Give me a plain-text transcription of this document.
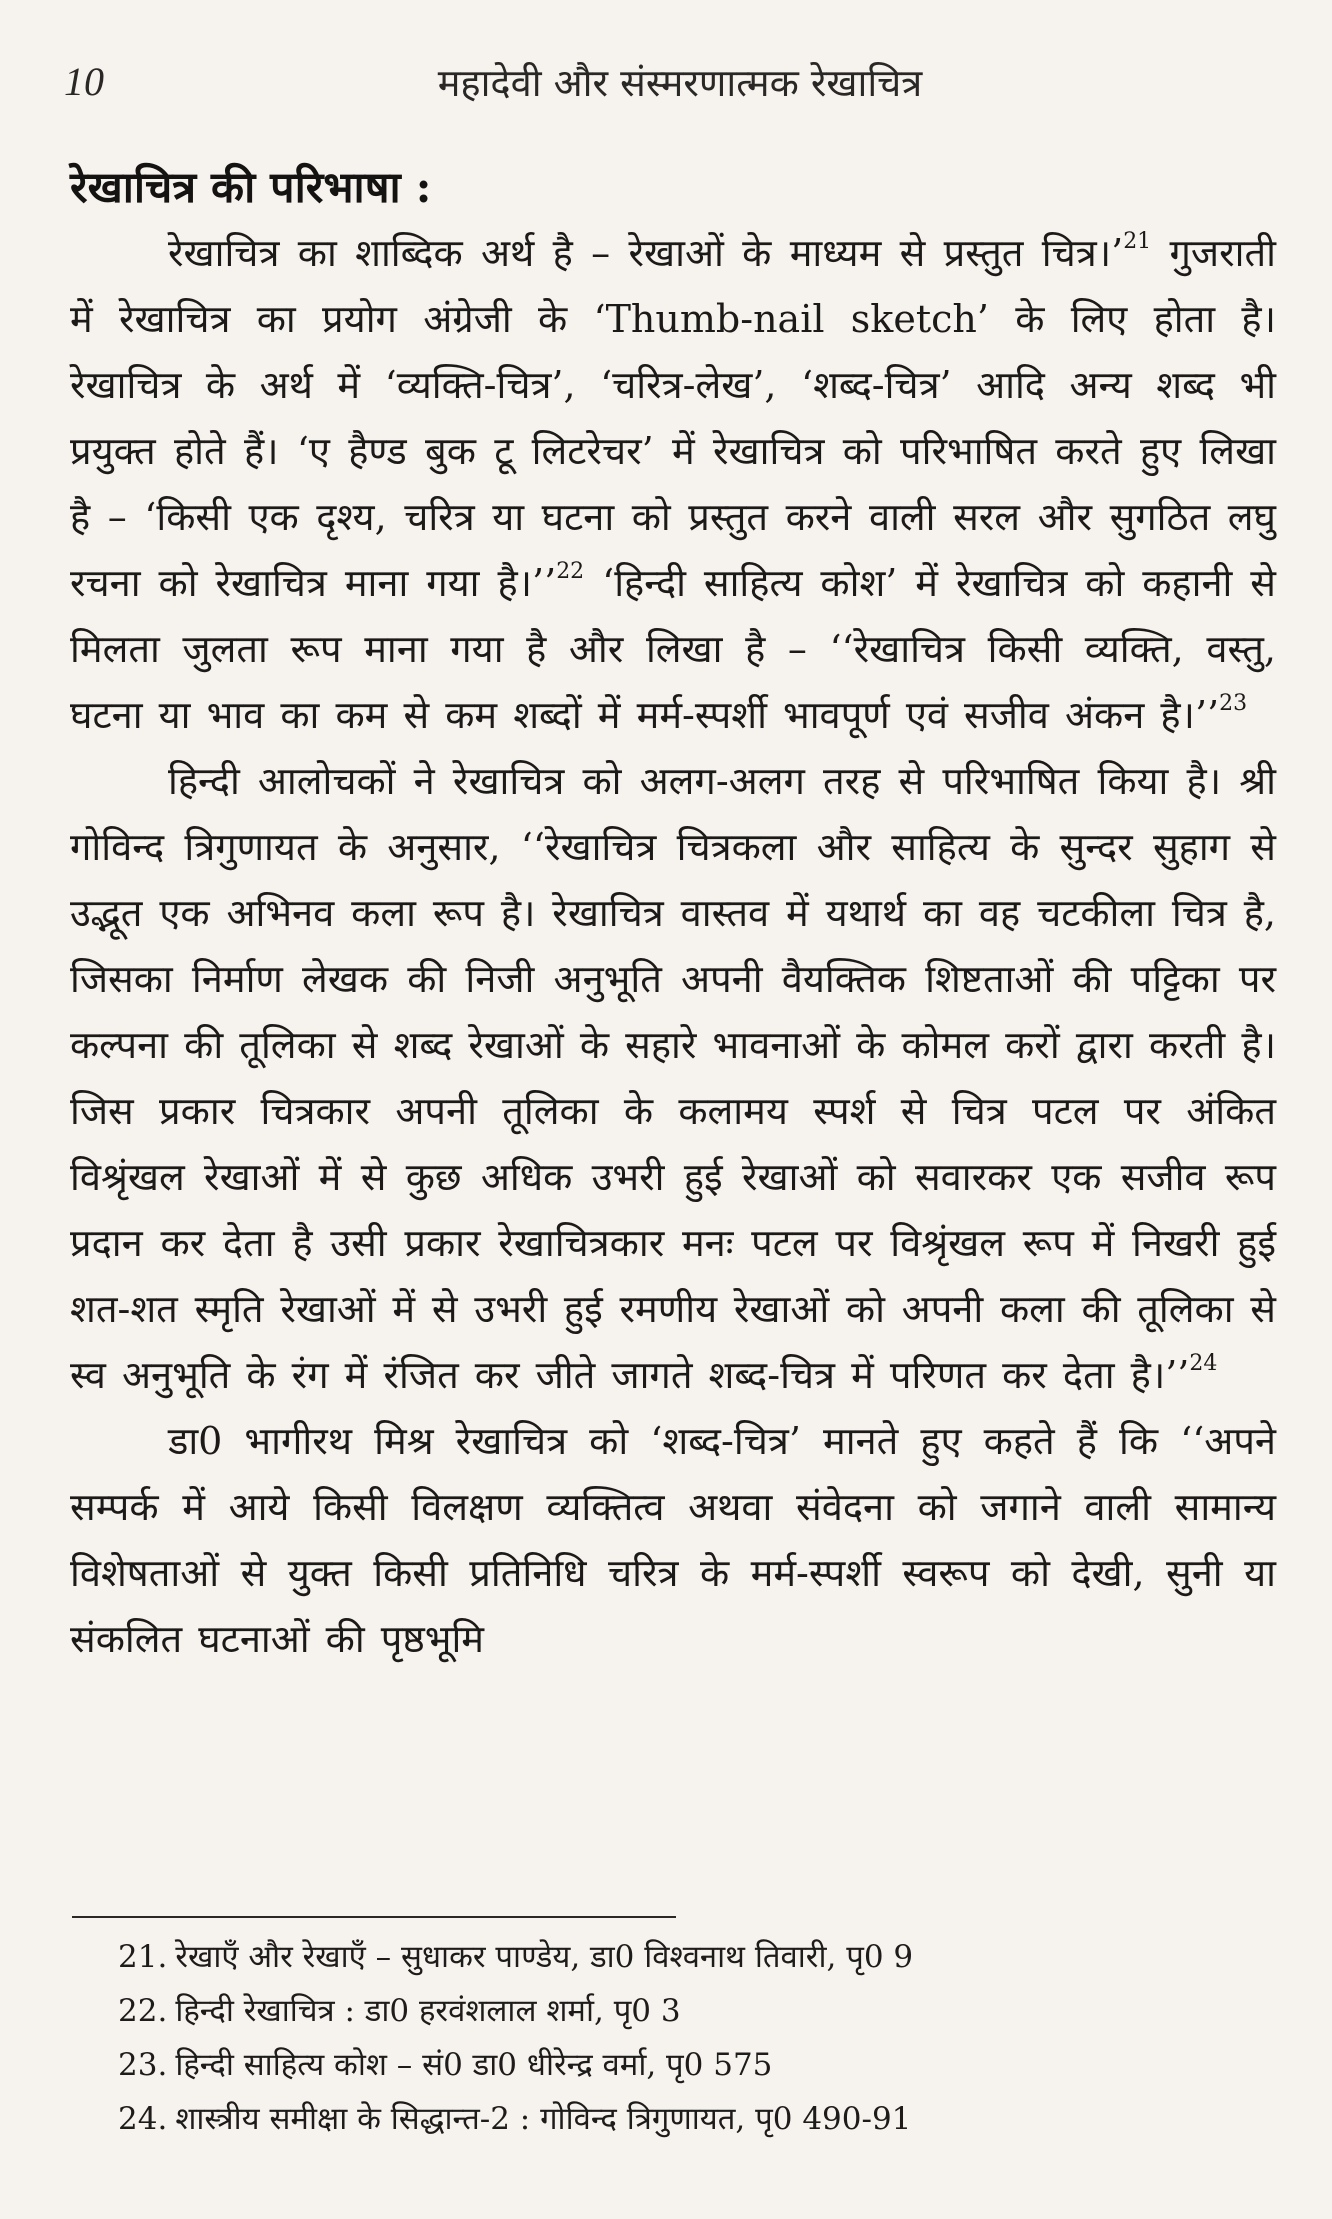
10	महादेवी और संस्मरणात्मक रेखाचित्र
रेखाचित्र की परिभाषा :

रेखाचित्र का शाब्दिक अर्थ है – रेखाओं के माध्यम से प्रस्तुत चित्र।’$^{21}$ गुजराती में रेखाचित्र का प्रयोग अंग्रेजी के ‘Thumb-nail sketch’ के लिए होता है। रेखाचित्र के अर्थ में ‘व्यक्ति-चित्र’, ‘चरित्र-लेख’, ‘शब्द-चित्र’ आदि अन्य शब्द भी प्रयुक्त होते हैं। ‘ए हैण्ड बुक टू लिटरेचर’ में रेखाचित्र को परिभाषित करते हुए लिखा है – ‘किसी एक दृश्य, चरित्र या घटना को प्रस्तुत करने वाली सरल और सुगठित लघु रचना को रेखाचित्र माना गया है।’’$^{22}$ ‘हिन्दी साहित्य कोश’ में रेखाचित्र को कहानी से मिलता जुलता रूप माना गया है और लिखा है – ‘‘रेखाचित्र किसी व्यक्ति, वस्तु, घटना या भाव का कम से कम शब्दों में मर्म-स्पर्शी भावपूर्ण एवं सजीव अंकन है।’’$^{23}$

हिन्दी आलोचकों ने रेखाचित्र को अलग-अलग तरह से परिभाषित किया है। श्री गोविन्द त्रिगुणायत के अनुसार, ‘‘रेखाचित्र चित्रकला और साहित्य के सुन्दर सुहाग से उद्भूत एक अभिनव कला रूप है। रेखाचित्र वास्तव में यथार्थ का वह चटकीला चित्र है, जिसका निर्माण लेखक की निजी अनुभूति अपनी वैयक्तिक शिष्टताओं की पट्टिका पर कल्पना की तूलिका से शब्द रेखाओं के सहारे भावनाओं के कोमल करों द्वारा करती है। जिस प्रकार चित्रकार अपनी तूलिका के कलामय स्पर्श से चित्र पटल पर अंकित विश्रृंखल रेखाओं में से कुछ अधिक उभरी हुई रेखाओं को सवारकर एक सजीव रूप प्रदान कर देता है उसी प्रकार रेखाचित्रकार मनः पटल पर विश्रृंखल रूप में निखरी हुई शत-शत स्मृति रेखाओं में से उभरी हुई रमणीय रेखाओं को अपनी कला की तूलिका से स्व अनुभूति के रंग में रंजित कर जीते जागते शब्द-चित्र में परिणत कर देता है।’’$^{24}$

डा0 भागीरथ मिश्र रेखाचित्र को ‘शब्द-चित्र’ मानते हुए कहते हैं कि ‘‘अपने सम्पर्क में आये किसी विलक्षण व्यक्तित्व अथवा संवेदना को जगाने वाली सामान्य विशेषताओं से युक्त किसी प्रतिनिधि चरित्र के मर्म-स्पर्शी स्वरूप को देखी, सुनी या संकलित घटनाओं की पृष्ठभूमि

21. रेखाएँ और रेखाएँ – सुधाकर पाण्डेय, डा0 विश्वनाथ तिवारी, पृ0 9
22. हिन्दी रेखाचित्र : डा0 हरवंशलाल शर्मा, पृ0 3
23. हिन्दी साहित्य कोश – सं0 डा0 धीरेन्द्र वर्मा, पृ0 575
24. शास्त्रीय समीक्षा के सिद्धान्त-2 : गोविन्द त्रिगुणायत, पृ0 490-91
